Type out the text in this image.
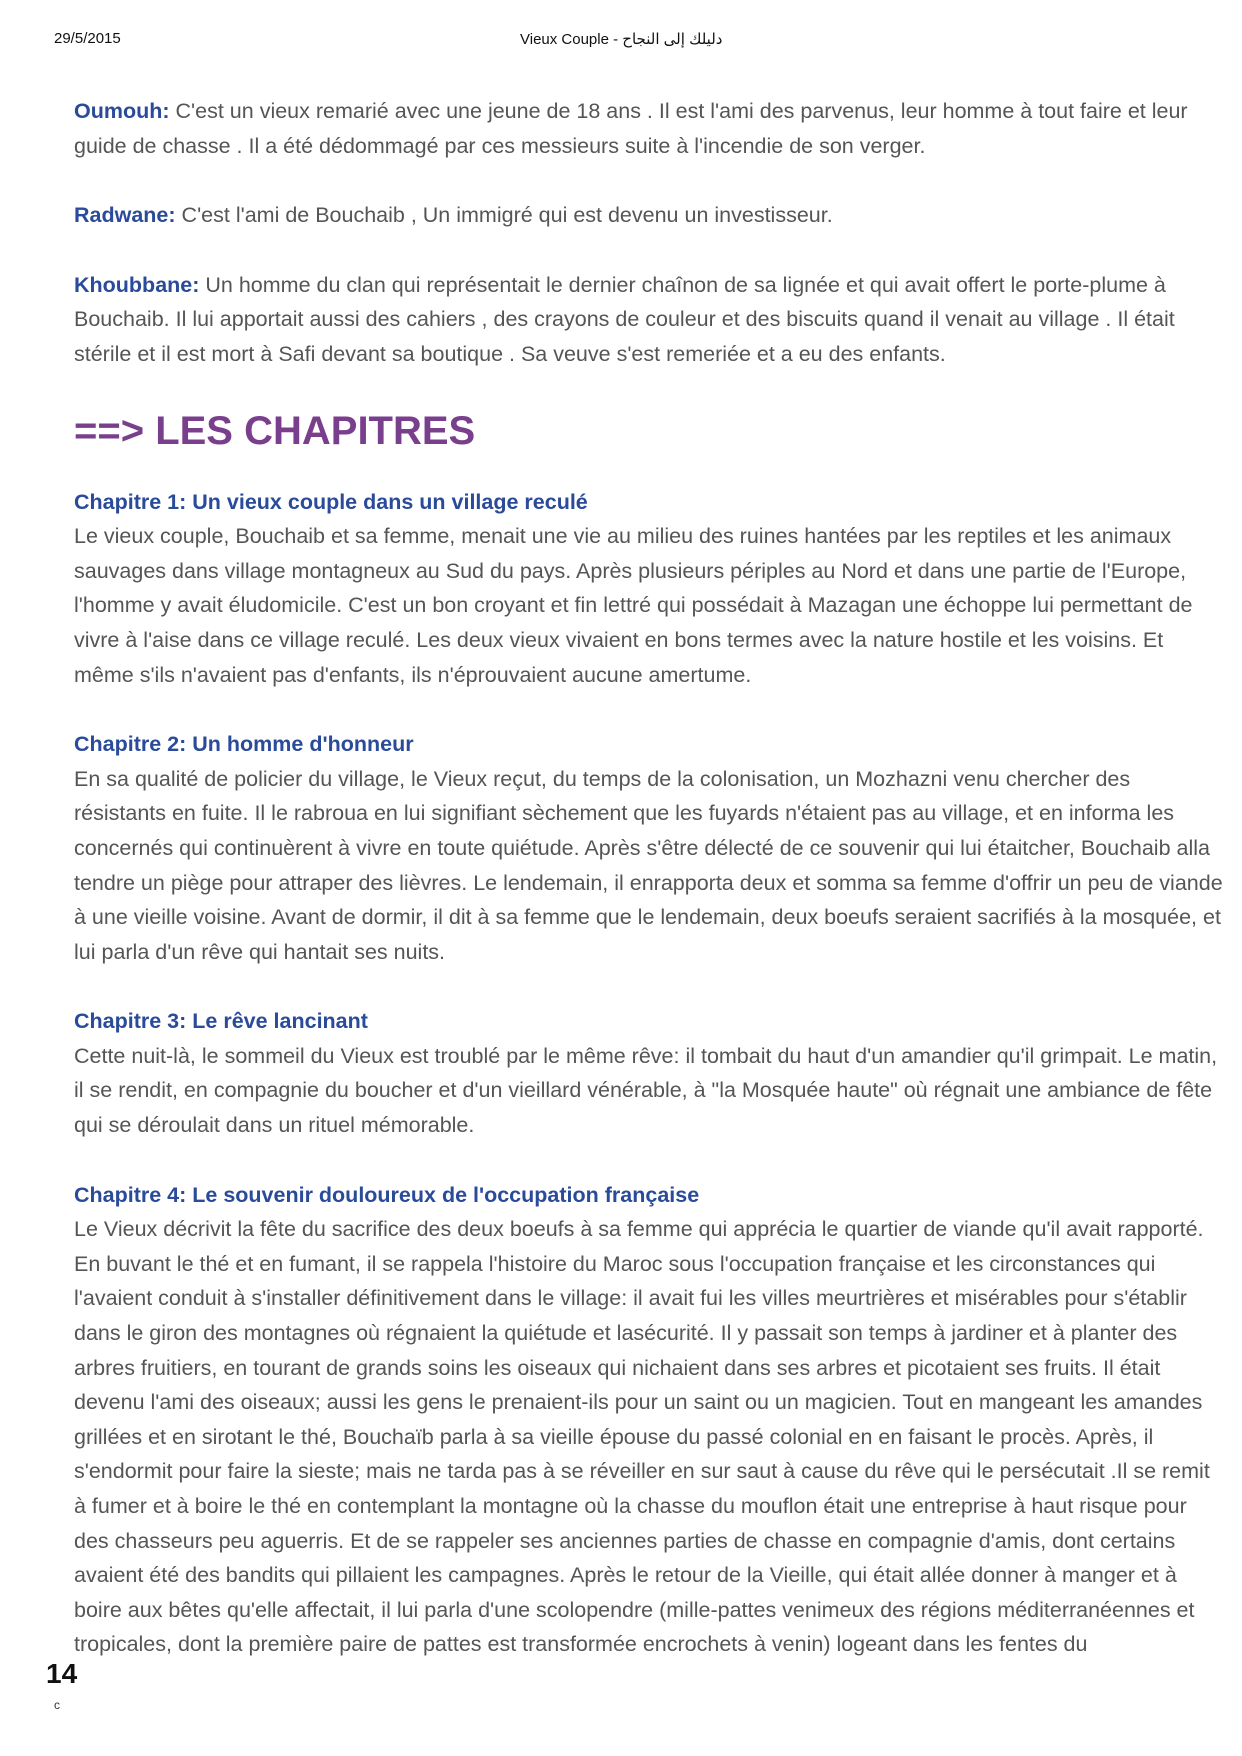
29/5/2015	Vieux Couple - دليلك إلى النجاح

Oumouh: C'est un vieux remarié avec une jeune de 18 ans . Il est l'ami des parvenus, leur homme à tout faire et leur guide de chasse . Il a été dédommagé par ces messieurs suite à l'incendie de son verger.

Radwane: C'est l'ami de Bouchaib , Un immigré qui est devenu un investisseur.

Khoubbane: Un homme du clan qui représentait le dernier chaînon de sa lignée et qui avait offert le porte-plume à Bouchaib. Il lui apportait aussi des cahiers , des crayons de couleur et des biscuits quand il venait au village . Il était stérile et il est mort à Safi devant sa boutique . Sa veuve s'est remeriée et a eu des enfants.

==> LES CHAPITRES
Chapitre 1: Un vieux couple dans un village reculé
Le vieux couple, Bouchaib et sa femme, menait une vie au milieu des ruines hantées par les reptiles et les animaux sauvages dans village montagneux au Sud du pays. Après plusieurs périples au Nord et dans une partie de l'Europe, l'homme y avait éludomicile. C'est un bon croyant et fin lettré qui possédait à Mazagan une échoppe lui permettant de vivre à l'aise dans ce village reculé. Les deux vieux vivaient en bons termes avec la nature hostile et les voisins. Et même s'ils n'avaient pas d'enfants, ils n'éprouvaient aucune amertume.
Chapitre 2: Un homme d'honneur
En sa qualité de policier du village, le Vieux reçut, du temps de la colonisation, un Mozhazni venu chercher des résistants en fuite. Il le rabroua en lui signifiant sèchement que les fuyards n'étaient pas au village, et en informa les concernés qui continuèrent à vivre en toute quiétude. Après s'être délecté de ce souvenir qui lui étaitcher, Bouchaib alla tendre un piège pour attraper des lièvres. Le lendemain, il enrapporta deux et somma sa femme d'offrir un peu de viande à une vieille voisine. Avant de dormir, il dit à sa femme que le lendemain, deux boeufs seraient sacrifiés à la mosquée, et lui parla d'un rêve qui hantait ses nuits.
Chapitre 3: Le rêve lancinant
Cette nuit-là, le sommeil du Vieux est troublé par le même rêve: il tombait du haut d'un amandier qu'il grimpait. Le matin, il se rendit, en compagnie du boucher et d'un vieillard vénérable, à "la Mosquée haute" où régnait une ambiance de fête qui se déroulait dans un rituel mémorable.
Chapitre 4: Le souvenir douloureux de l'occupation française
Le Vieux décrivit la fête du sacrifice des deux boeufs à sa femme qui apprécia le quartier de viande qu'il avait rapporté. En buvant le thé et en fumant, il se rappela l'histoire du Maroc sous l'occupation française et les circonstances qui l'avaient conduit à s'installer définitivement dans le village: il avait fui les villes meurtrières et misérables pour s'établir dans le giron des montagnes où régnaient la quiétude et lasécurité. Il y passait son temps à jardiner et à planter des arbres fruitiers, en tourant de grands soins les oiseaux qui nichaient dans ses arbres et picotaient ses fruits. Il était devenu l'ami des oiseaux; aussi les gens le prenaient-ils pour un saint ou un magicien. Tout en mangeant les amandes grillées et en sirotant le thé, Bouchaïb parla à sa vieille épouse du passé colonial en en faisant le procès. Après, il s'endormit pour faire la sieste; mais ne tarda pas à se réveiller en sur saut à cause du rêve qui le persécutait .Il se remit à fumer et à boire le thé en contemplant la montagne où la chasse du mouflon était une entreprise à haut risque pour des chasseurs peu aguerris. Et de se rappeler ses anciennes parties de chasse en compagnie d'amis, dont certains avaient été des bandits qui pillaient les campagnes. Après le retour de la Vieille, qui était allée donner à manger et à boire aux bêtes qu'elle affectait, il lui parla d'une scolopendre (mille-pattes venimeux des régions méditerranéennes et tropicales, dont la première paire de pattes est transformée encrochets à venin) logeant dans les fentes du
14
c
